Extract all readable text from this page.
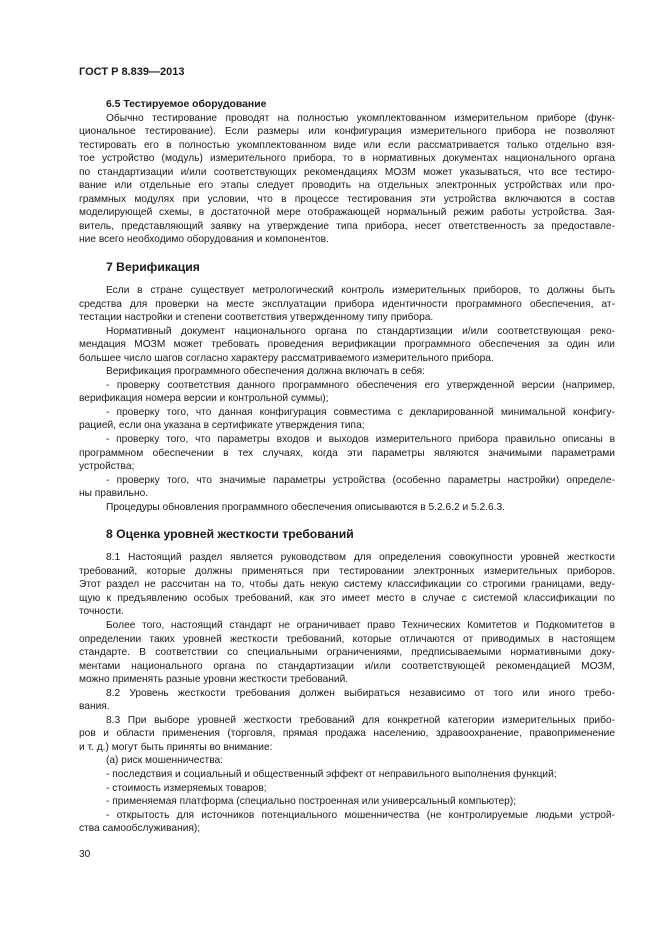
ГОСТ Р 8.839—2013
6.5 Тестируемое оборудование
Обычно тестирование проводят на полностью укомплектованном измерительном приборе (функ-
циональное тестирование). Если размеры или конфигурация измерительного прибора не позволяют
тестировать его в полностью укомплектованном виде или если рассматривается только отдельно взя-
тое устройство (модуль) измерительного прибора, то в нормативных документах национального органа
по стандартизации и/или соответствующих рекомендациях МОЗМ может указываться, что все тестиро-
вание или отдельные его этапы следует проводить на отдельных электронных устройствах или про-
граммных модулях при условии, что в процессе тестирования эти устройства включаются в состав
моделирующей схемы, в достаточной мере отображающей нормальный режим работы устройства. Зая-
витель, представляющий заявку на утверждение типа прибора, несет ответственность за предоставле-
ние всего необходимо оборудования и компонентов.
7 Верификация
Если в стране существует метрологический контроль измерительных приборов, то должны быть
средства для проверки на месте эксплуатации прибора идентичности программного обеспечения, ат-
тестации настройки и степени соответствия утвержденному типу прибора.
Нормативный документ национального органа по стандартизации и/или соответствующая реко-
мендация МОЗМ может требовать проведения верификации программного обеспечения за один или
большее число шагов согласно характеру рассматриваемого измерительного прибора.
Верификация программного обеспечения должна включать в себя:
- проверку соответствия данного программного обеспечения его утвержденной версии (например,
верификация номера версии и контрольной суммы);
- проверку того, что данная конфигурация совместима с декларированной минимальной конфигу-
рацией, если она указана в сертификате утверждения типа;
- проверку того, что параметры входов и выходов измерительного прибора правильно описаны в
программном обеспечении в тех случаях, когда эти параметры являются значимыми параметрами
устройства;
- проверку того, что значимые параметры устройства (особенно параметры настройки) определе-
ны правильно.
Процедуры обновления программного обеспечения описываются в 5.2.6.2 и 5.2.6.3.
8 Оценка уровней жесткости требований
8.1 Настоящий раздел является руководством для определения совокупности уровней жесткости
требований, которые должны применяться при тестировании электронных измерительных приборов.
Этот раздел не рассчитан на то, чтобы дать некую систему классификации со строгими границами, веду-
щую к предъявлению особых требований, как это имеет место в случае с системой классификации по
точности.
Более того, настоящий стандарт не ограничивает право Технических Комитетов и Подкомитетов в
определении таких уровней жесткости требований, которые отличаются от приводимых в настоящем
стандарте. В соответствии со специальными ограничениями, предписываемыми нормативными доку-
ментами национального органа по стандартизации и/или соответствующей рекомендацией МОЗМ,
можно применять разные уровни жесткости требований.
8.2 Уровень жесткости требования должен выбираться независимо от того или иного требо-
вания.
8.3 При выборе уровней жесткости требований для конкретной категории измерительных прибо-
ров и области применения (торговля, прямая продажа населению, здравоохранение, правоприменение
и т. д.) могут быть приняты во внимание:
(а) риск мошенничества:
- последствия и социальный и общественный эффект от неправильного выполнения функций;
- стоимость измеряемых товаров;
- применяемая платформа (специально построенная или универсальный компьютер);
- открытость для источников потенциального мошенничества (не контролируемые людьми устрой-
ства самообслуживания);
30
